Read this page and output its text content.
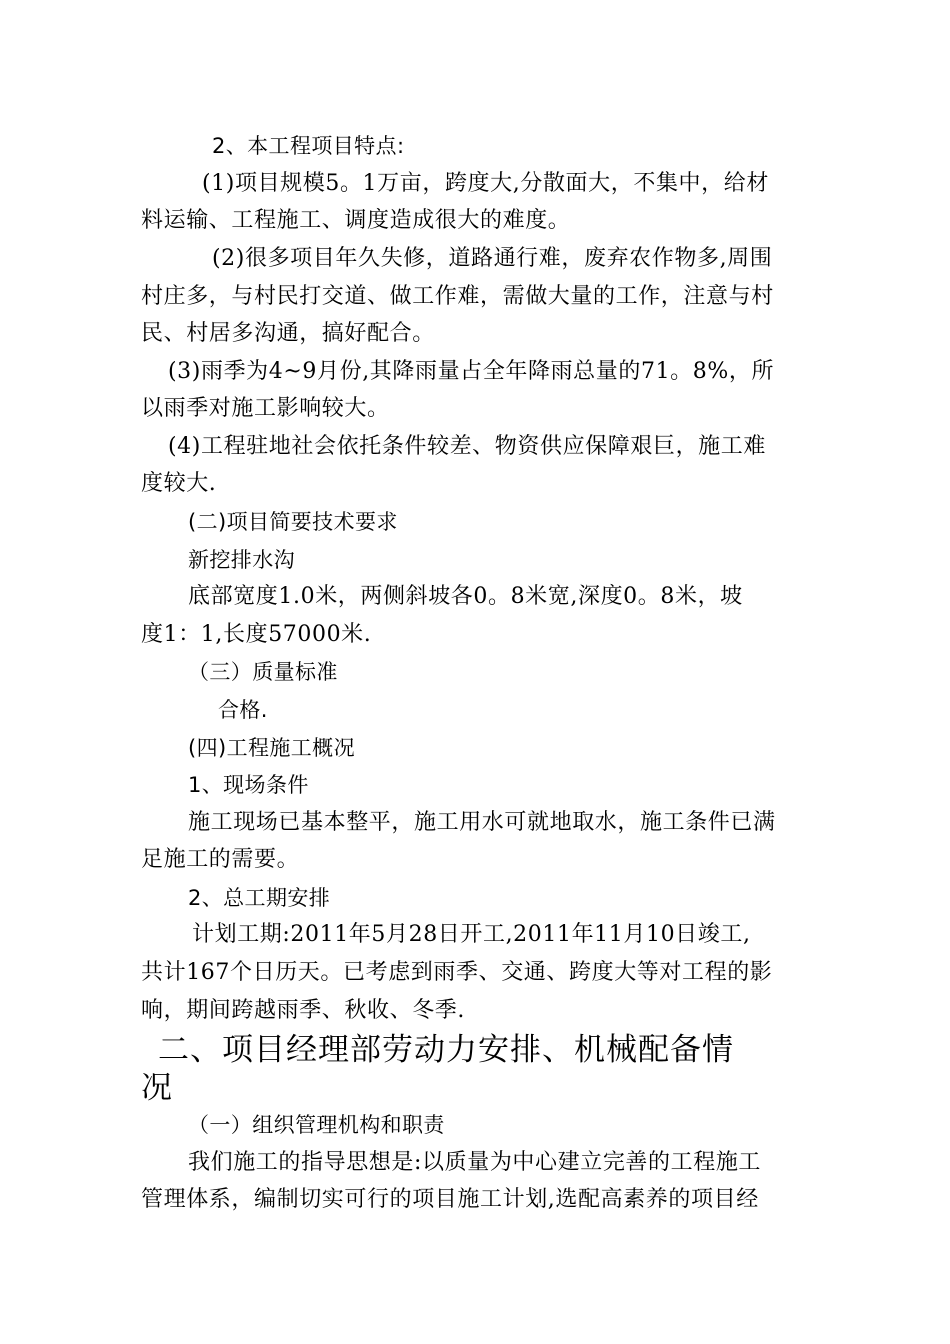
2、本工程项目特点:
(1)项目规模5。1万亩，跨度大,分散面大，不集中，给材
料运输、工程施工、调度造成很大的难度。
(2)很多项目年久失修，道路通行难，废弃农作物多,周围
村庄多，与村民打交道、做工作难，需做大量的工作，注意与村
民、村居多沟通，搞好配合。
(3)雨季为4~9月份,其降雨量占全年降雨总量的71。8%，所
以雨季对施工影响较大。
(4)工程驻地社会依托条件较差、物资供应保障艰巨，施工难
度较大.
(二)项目简要技术要求
新挖排水沟
底部宽度1.0米，两侧斜坡各0。8米宽,深度0。8米，坡
度1：1,长度57000米.
（三）质量标准
合格.
(四)工程施工概况
1、现场条件
施工现场已基本整平，施工用水可就地取水，施工条件已满
足施工的需要。
2、总工期安排
计划工期:2011年5月28日开工,2011年11月10日竣工,
共计167个日历天。已考虑到雨季、交通、跨度大等对工程的影
响，期间跨越雨季、秋收、冬季.
二、项目经理部劳动力安排、机械配备情
况
（一）组织管理机构和职责
我们施工的指导思想是:以质量为中心建立完善的工程施工
管理体系，编制切实可行的项目施工计划,选配高素养的项目经
